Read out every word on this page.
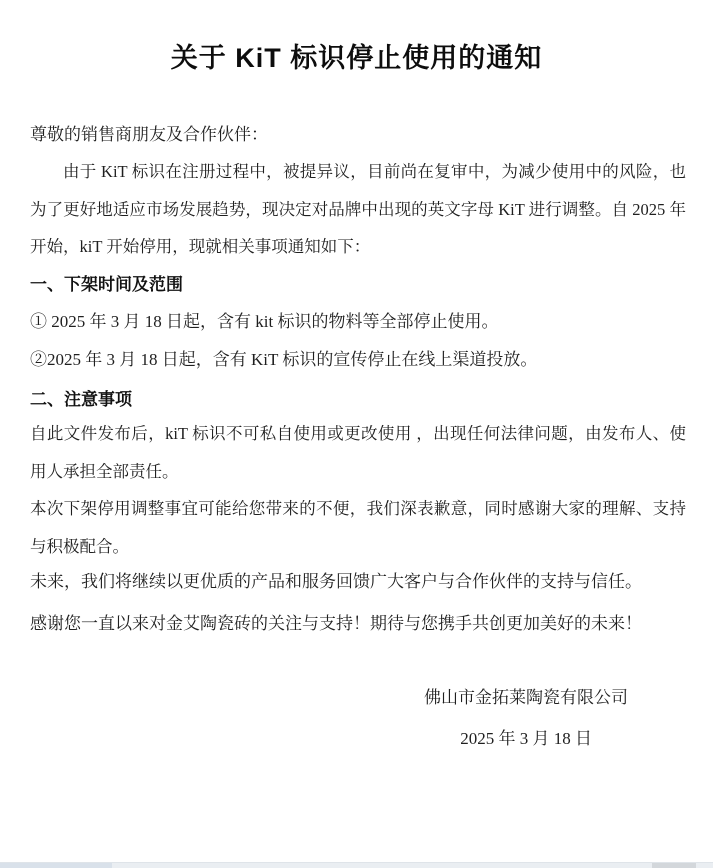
关于 KiT 标识停止使用的通知
尊敬的销售商朋友及合作伙伴：

由于 KiT 标识在注册过程中，被提异议，目前尚在复审中，为减少使用中的风险，也为了更好地适应市场发展趋势，现决定对品牌中出现的英文字母 KiT 进行调整。自 2025 年开始，kiT 开始停用，现就相关事项通知如下：

一、下架时间及范围
① 2025 年 3 月 18 日起，含有 kit 标识的物料等全部停止使用。
②2025 年 3 月 18 日起，含有 KiT 标识的宣传停止在线上渠道投放。
二、注意事项

自此文件发布后，kiT 标识不可私自使用或更改使用 ，出现任何法律问题，由发布人、使用人承担全部责任。

本次下架停用调整事宜可能给您带来的不便，我们深表歉意，同时感谢大家的理解、支持与积极配合。

未来，我们将继续以更优质的产品和服务回馈广大客户与合作伙伴的支持与信任。
感谢您一直以来对金艾陶瓷砖的关注与支持！期待与您携手共创更加美好的未来！
佛山市金拓莱陶瓷有限公司
2025 年 3 月 18 日
